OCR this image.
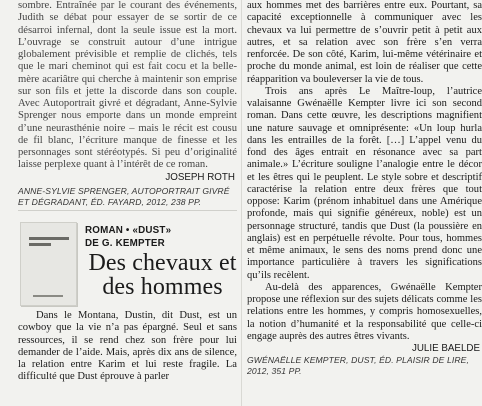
sombre. Entraînée par le courant des événements, Judith se débat pour essayer de se sortir de ce désarroi infernal, dont la seule issue est la mort. L’ouvrage se construit autour d’une intrigue globalement prévisible et remplie de clichés, tels que le mari cheminot qui est fait cocu et la belle-mère acariâtre qui cherche à maintenir son emprise sur son fils et jette la discorde dans son couple. Avec Autoportrait givré et dégradant, Anne-Sylvie Sprenger nous emporte dans un monde empreint d’une neurasthénie noire – mais le récit est cousu de fil blanc, l’écriture manque de finesse et les personnages sont stéréotypés. Si peu d’originalité laisse perplexe quant à l’intérêt de ce roman.

JOSEPH ROTH
ANNE-SYLVIE SPRENGER, AUTOPORTRAIT GIVRÉ ET DÉGRADANT, ÉD. FAYARD, 2012, 238 PP.
ROMAN • «DUST»
DE G. KEMPTER
Des chevaux et des hommes

Dans le Montana, Dustin, dit Dust, est un cowboy que la vie n’a pas épargné. Seul et sans ressources, il se rend chez son frère pour lui demander de l’aide. Mais, après dix ans de silence, la relation entre Karim et lui reste fragile. La difficulté que Dust éprouve à parler

aux hommes met des barrières entre eux. Pourtant, sa capacité exceptionnelle à communiquer avec les chevaux va lui permettre de s’ouvrir petit à petit aux autres, et sa relation avec son frère s’en verra renforcée. De son côté, Karim, lui-même vétérinaire et proche du monde animal, est loin de réaliser que cette réapparition va bouleverser la vie de tous.

Trois ans après Le Maître-loup, l’autrice valaisanne Gwénaëlle Kempter livre ici son second roman. Dans cette œuvre, les descriptions magnifient une nature sauvage et omniprésente: «Un loup hurla dans les entrailles de la forêt. […] L’appel venu du fond des âges entrait en résonance avec sa part animale.» L’écriture souligne l’analogie entre le décor et les êtres qui le peuplent. Le style sobre et descriptif caractérise la relation entre deux frères que tout oppose: Karim (prénom inhabituel dans une Amérique profonde, mais qui signifie généreux, noble) est un personnage structuré, tandis que Dust (la poussière en anglais) est en perpétuelle révolte. Pour tous, hommes et même animaux, le sens des noms prend donc une importance particulière à travers les significations qu’ils recèlent.

Au-delà des apparences, Gwénaëlle Kempter propose une réflexion sur des sujets délicats comme les relations entre les hommes, y compris homosexuelles, la notion d’humanité et la responsabilité que celle-ci engage auprès des autres êtres vivants.

JULIE BAELDE
GWÉNAËLLE KEMPTER, DUST, ÉD. PLAISIR DE LIRE, 2012, 351 PP.
